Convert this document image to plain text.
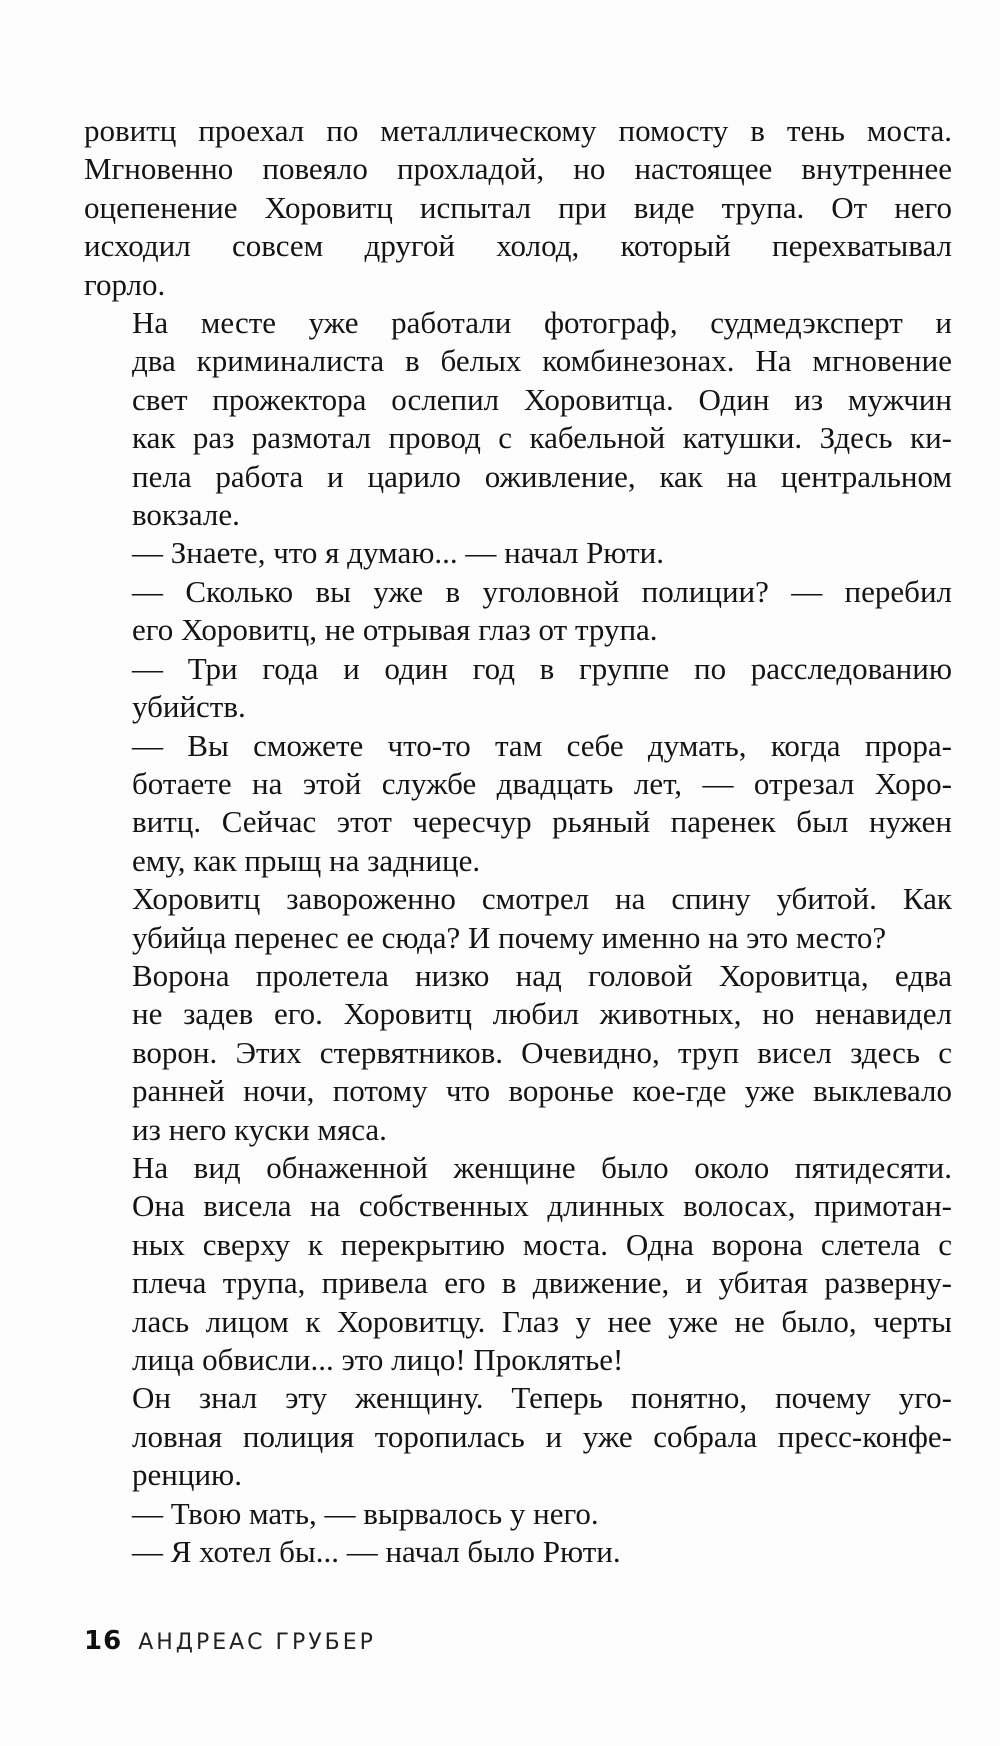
ровитц проехал по металлическому помосту в тень моста.
Мгновенно повеяло прохладой, но настоящее внутреннее
оцепенение Хоровитц испытал при виде трупа. От него
исходил совсем другой холод, который перехватывал
горло.

На месте уже работали фотограф, судмедэксперт и
два криминалиста в белых комбинезонах. На мгновение
свет прожектора ослепил Хоровитца. Один из мужчин
как раз размотал провод с кабельной катушки. Здесь ки-
пела работа и царило оживление, как на центральном
вокзале.

— Знаете, что я думаю... — начал Рюти.

— Сколько вы уже в уголовной полиции? — перебил
его Хоровитц, не отрывая глаз от трупа.

— Три года и один год в группе по расследованию
убийств.

— Вы сможете что-то там себе думать, когда прора-
ботаете на этой службе двадцать лет, — отрезал Хоро-
витц. Сейчас этот чересчур рьяный паренек был нужен
ему, как прыщ на заднице.

Хоровитц завороженно смотрел на спину убитой. Как
убийца перенес ее сюда? И почему именно на это место?

Ворона пролетела низко над головой Хоровитца, едва
не задев его. Хоровитц любил животных, но ненавидел
ворон. Этих стервятников. Очевидно, труп висел здесь с
ранней ночи, потому что воронье кое-где уже выклевало
из него куски мяса.

На вид обнаженной женщине было около пятидесяти.
Она висела на собственных длинных волосах, примотан-
ных сверху к перекрытию моста. Одна ворона слетела с
плеча трупа, привела его в движение, и убитая разверну-
лась лицом к Хоровитцу. Глаз у нее уже не было, черты
лица обвисли... это лицо! Проклятье!

Он знал эту женщину. Теперь понятно, почему уго-
ловная полиция торопилась и уже собрала пресс-конфе-
ренцию.

— Твою мать, — вырвалось у него.

— Я хотел бы... — начал было Рюти.

16 АНДРЕАС ГРУБЕР
